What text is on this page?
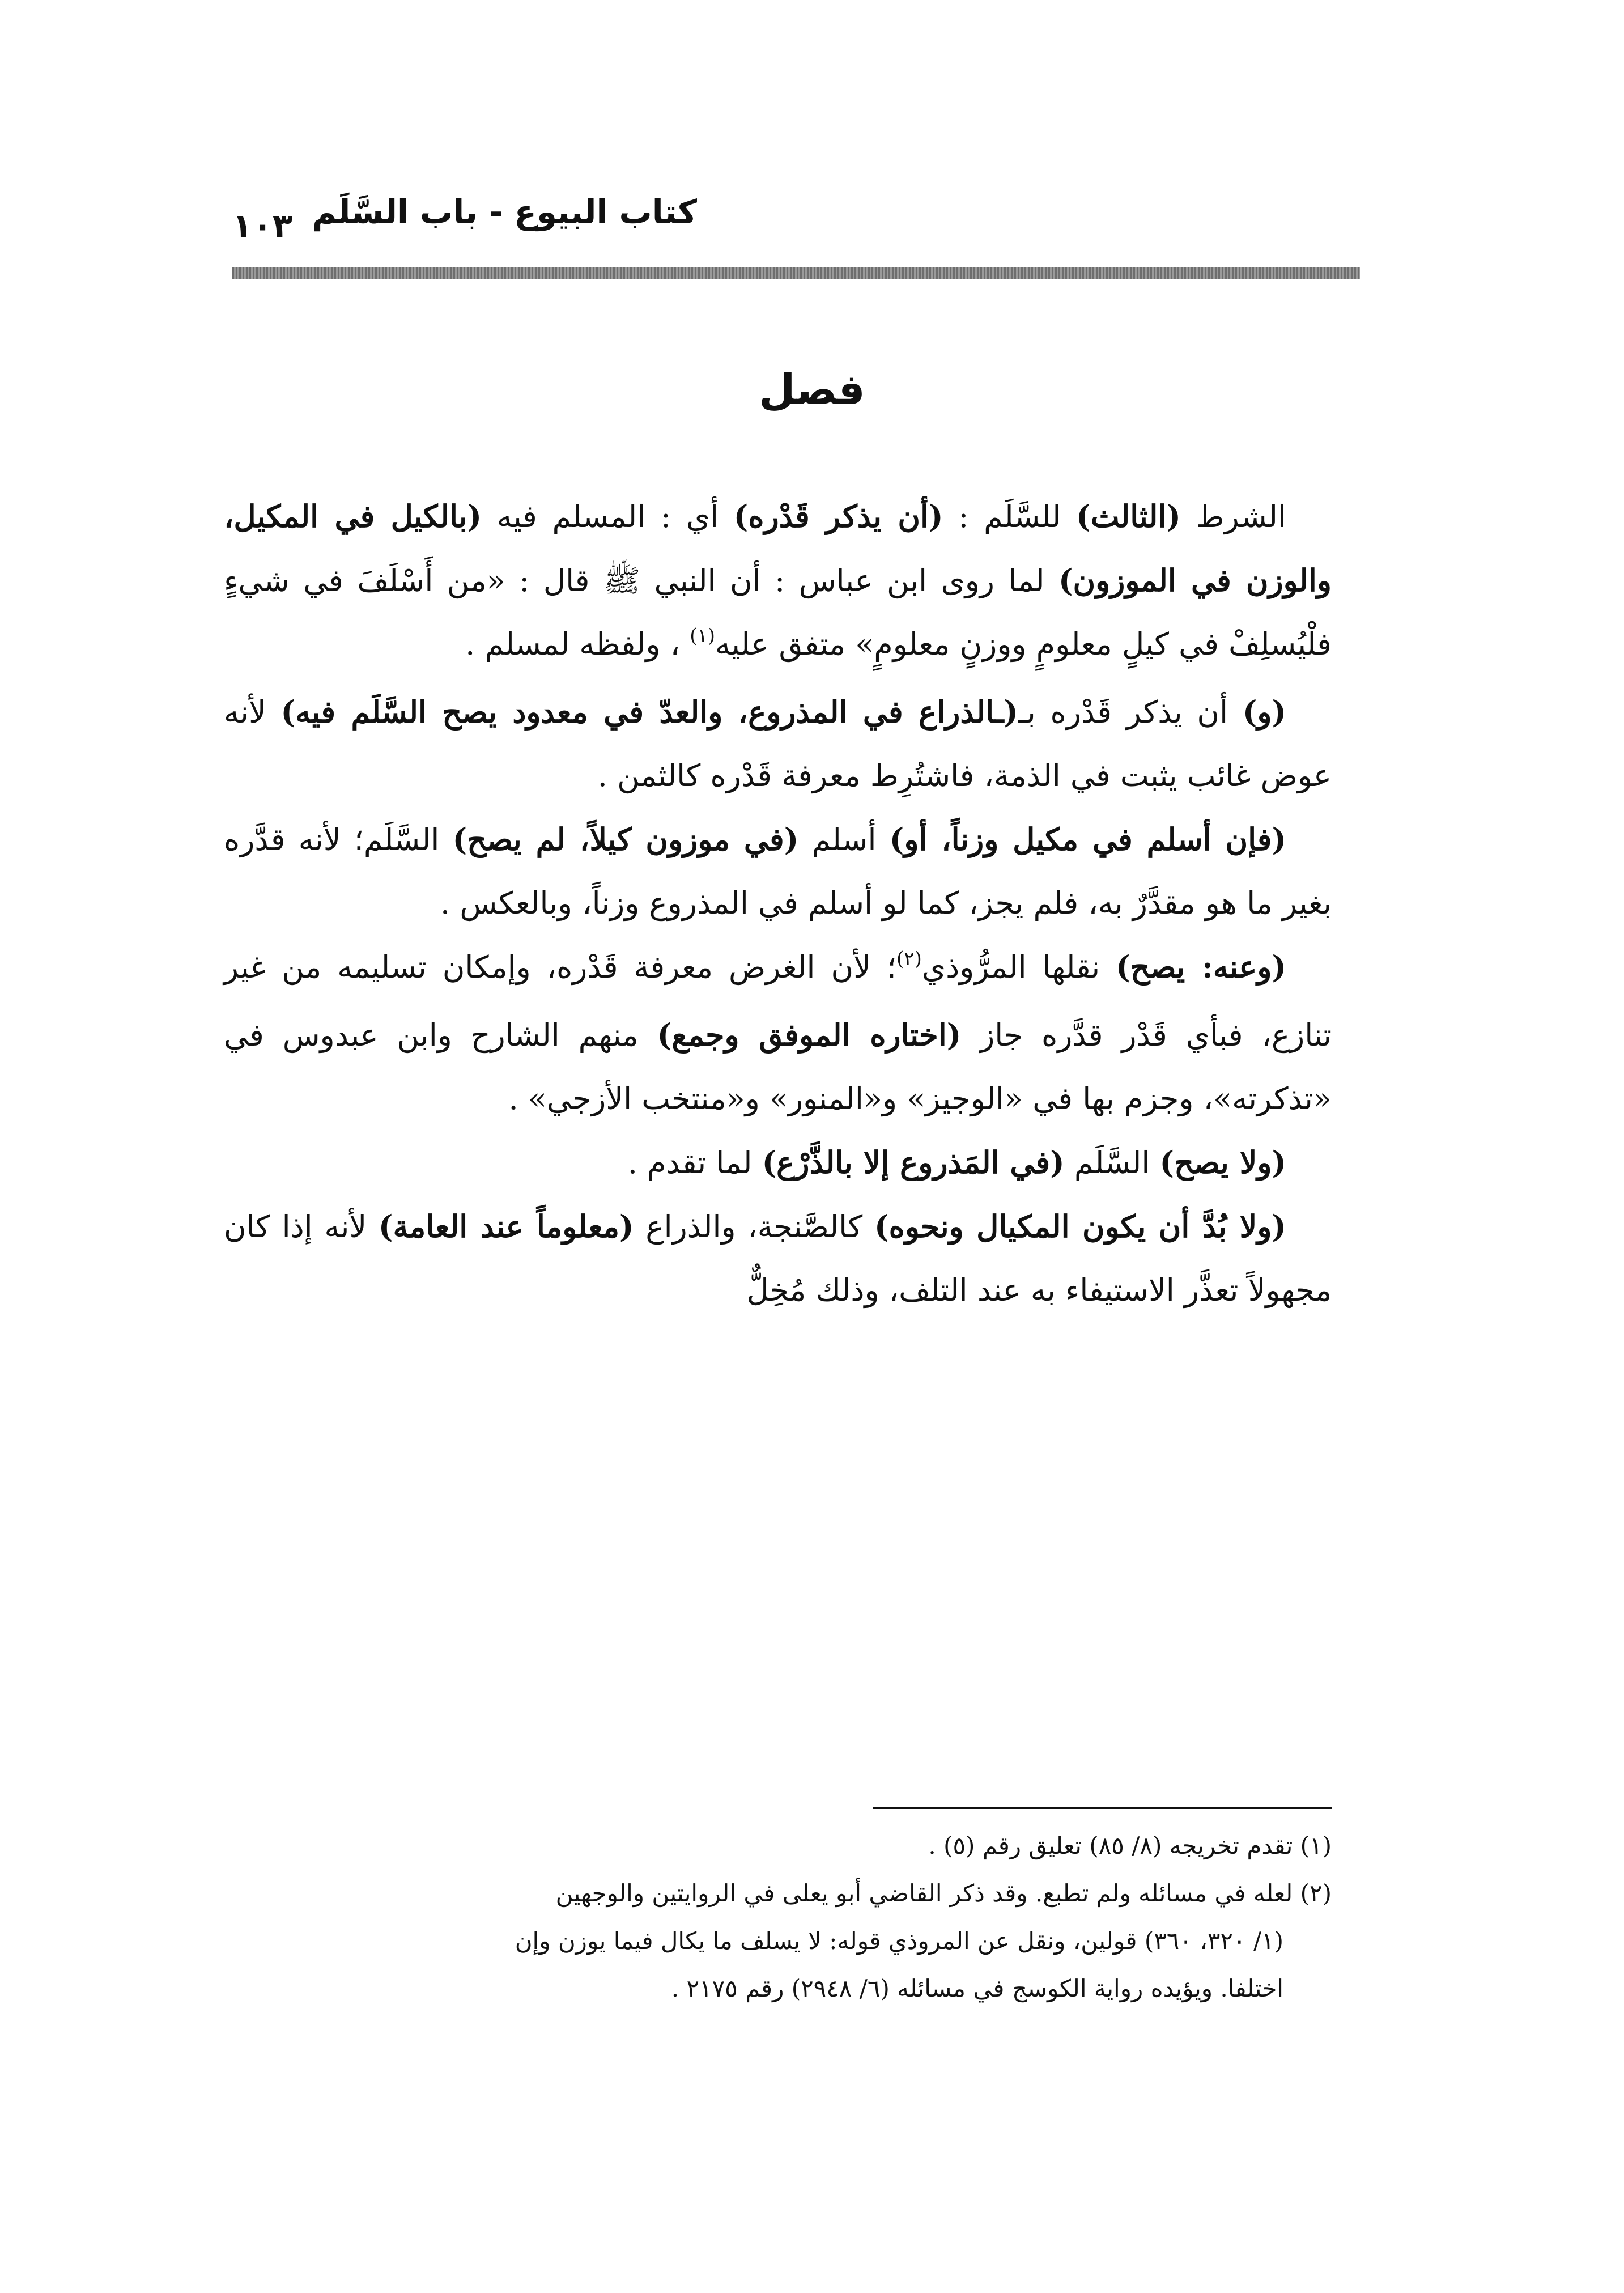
كتاب البيوع - باب السَّلَم
١٠٣
فصل

الشرط (الثالث) للسَّلَم : (أن يذكر قَدْره) أي : المسلم فيه (بالكيل في المكيل، والوزن في الموزون) لما روى ابن عباس : أن النبي ﷺ قال : «من أَسْلَفَ في شيءٍ فلْيُسلِفْ في كيلٍ معلومٍ ووزنٍ معلومٍ» متفق عليه$^{(١)}$ ، ولفظه لمسلم .

(و) أن يذكر قَدْره بـ(ـالذراع في المذروع، والعدّ في معدود يصح السَّلَم فيه) لأنه عوض غائب يثبت في الذمة، فاشتُرِط معرفة قَدْره كالثمن .

(فإن أسلم في مكيل وزناً، أو) أسلم (في موزون كيلاً، لم يصح) السَّلَم؛ لأنه قدَّره بغير ما هو مقدَّرٌ به، فلم يجز، كما لو أسلم في المذروع وزناً، وبالعكس .

(وعنه: يصح) نقلها المرُّوذي$^{(٢)}$؛ لأن الغرض معرفة قَدْره، وإمكان تسليمه من غير تنازع، فبأي قَدْر قدَّره جاز (اختاره الموفق وجمع) منهم الشارح وابن عبدوس في «تذكرته»، وجزم بها في «الوجيز» و«المنور» و«منتخب الأزجي» .

(ولا يصح) السَّلَم (في المَذروع إلا بالذَّرْع) لما تقدم .

(ولا بُدَّ أن يكون المكيال ونحوه) كالصَّنجة، والذراع (معلوماً عند العامة) لأنه إذا كان مجهولاً تعذَّر الاستيفاء به عند التلف، وذلك مُخِلٌّ

(١) تقدم تخريجه (٨/ ٨٥) تعليق رقم (٥) .

(٢) لعله في مسائله ولم تطبع. وقد ذكر القاضي أبو يعلى في الروايتين والوجهين

(١/ ٣٢٠، ٣٦٠) قولين، ونقل عن المروذي قوله: لا يسلف ما يكال فيما يوزن وإن

اختلفا. ويؤيده رواية الكوسج في مسائله (٦/ ٢٩٤٨) رقم ٢١٧٥ .
